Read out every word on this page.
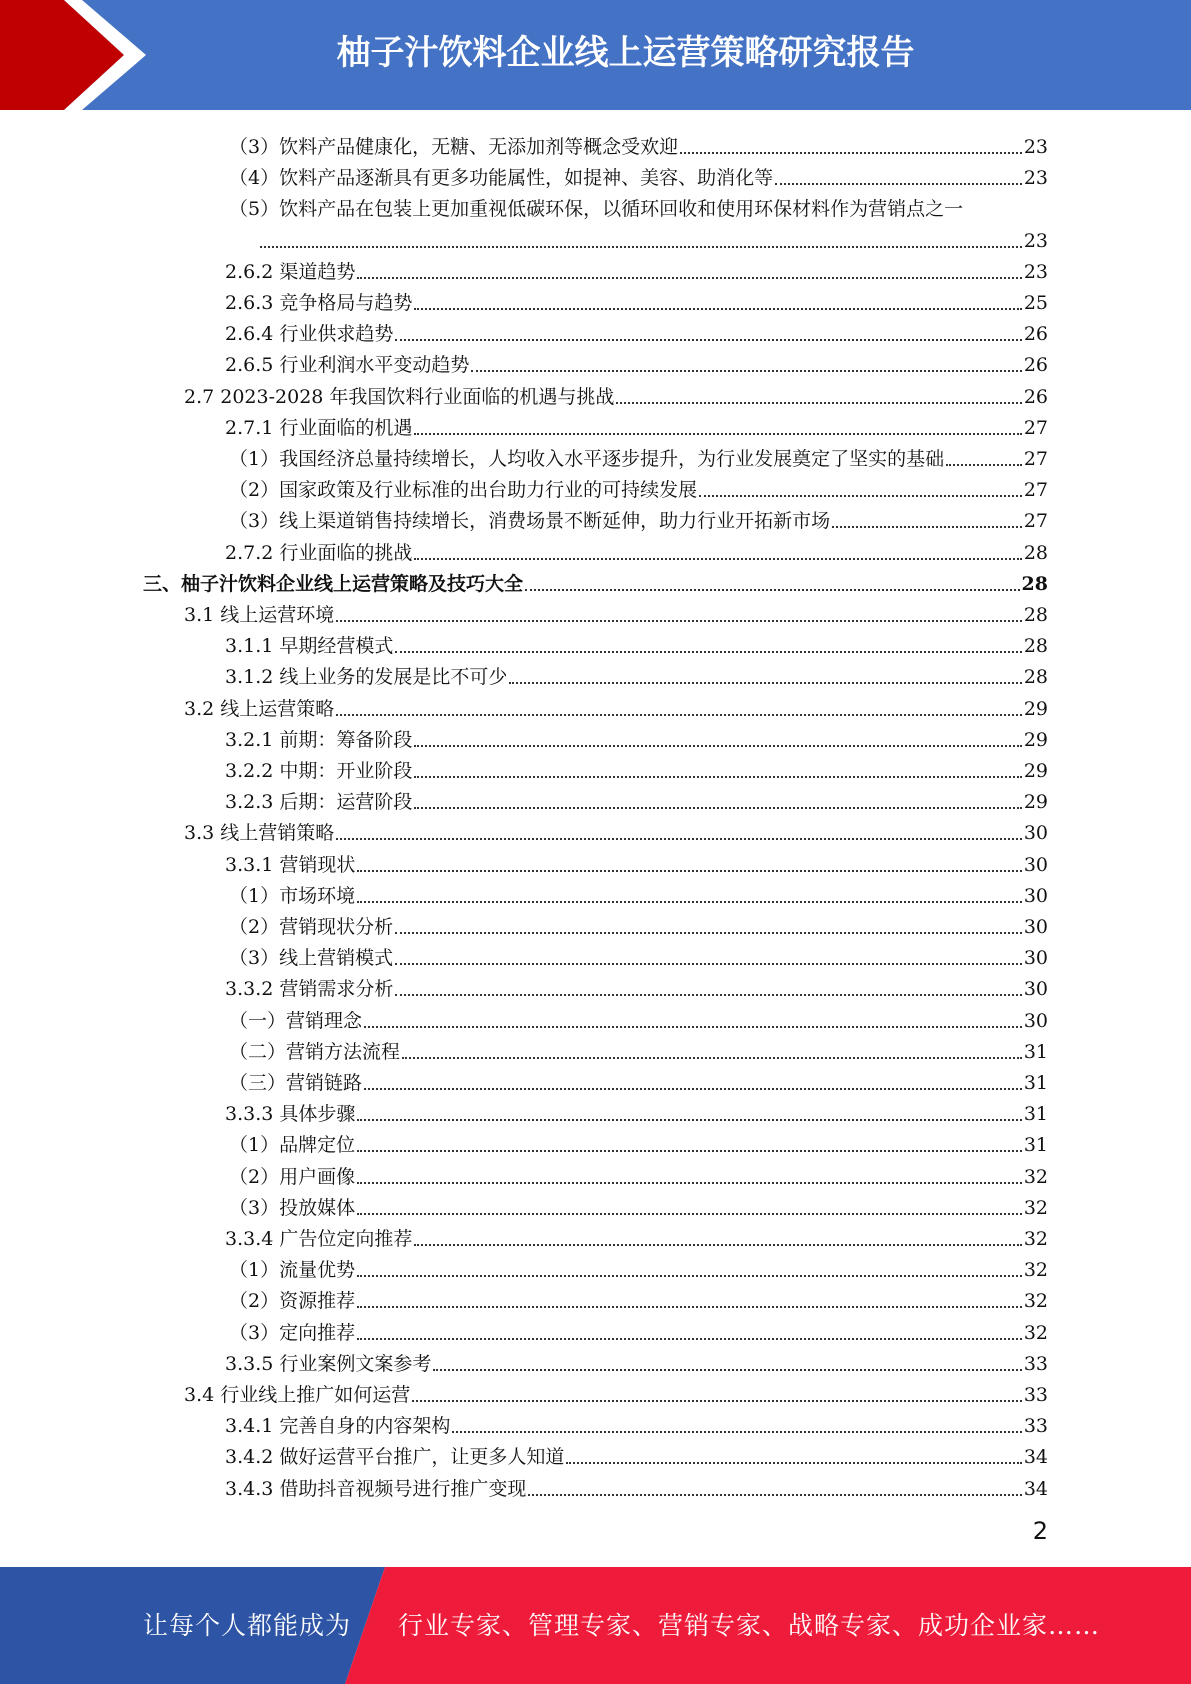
柚子汁饮料企业线上运营策略研究报告
（3）饮料产品健康化，无糖、无添加剂等概念受欢迎	23
（4）饮料产品逐渐具有更多功能属性，如提神、美容、助消化等	23
（5）饮料产品在包装上更加重视低碳环保，以循环回收和使用环保材料作为营销点之一
23
2.6.2 渠道趋势	23
2.6.3 竞争格局与趋势	25
2.6.4 行业供求趋势	26
2.6.5 行业利润水平变动趋势	26
2.7 2023-2028 年我国饮料行业面临的机遇与挑战	26
2.7.1 行业面临的机遇	27
（1）我国经济总量持续增长，人均收入水平逐步提升，为行业发展奠定了坚实的基础	27
（2）国家政策及行业标准的出台助力行业的可持续发展	27
（3）线上渠道销售持续增长，消费场景不断延伸，助力行业开拓新市场	27
2.7.2 行业面临的挑战	28
三、柚子汁饮料企业线上运营策略及技巧大全	28
3.1 线上运营环境	28
3.1.1 早期经营模式	28
3.1.2 线上业务的发展是比不可少	28
3.2 线上运营策略	29
3.2.1 前期：筹备阶段	29
3.2.2 中期：开业阶段	29
3.2.3 后期：运营阶段	29
3.3 线上营销策略	30
3.3.1 营销现状	30
（1）市场环境	30
（2）营销现状分析	30
（3）线上营销模式	30
3.3.2 营销需求分析	30
（一）营销理念	30
（二）营销方法流程	31
（三）营销链路	31
3.3.3 具体步骤	31
（1）品牌定位	31
（2）用户画像	32
（3）投放媒体	32
3.3.4 广告位定向推荐	32
（1）流量优势	32
（2）资源推荐	32
（3）定向推荐	32
3.3.5 行业案例文案参考	33
3.4 行业线上推广如何运营	33
3.4.1 完善自身的内容架构	33
3.4.2 做好运营平台推广，让更多人知道	34
3.4.3 借助抖音视频号进行推广变现	34
2
让每个人都能成为 行业专家、管理专家、营销专家、战略专家、成功企业家……
